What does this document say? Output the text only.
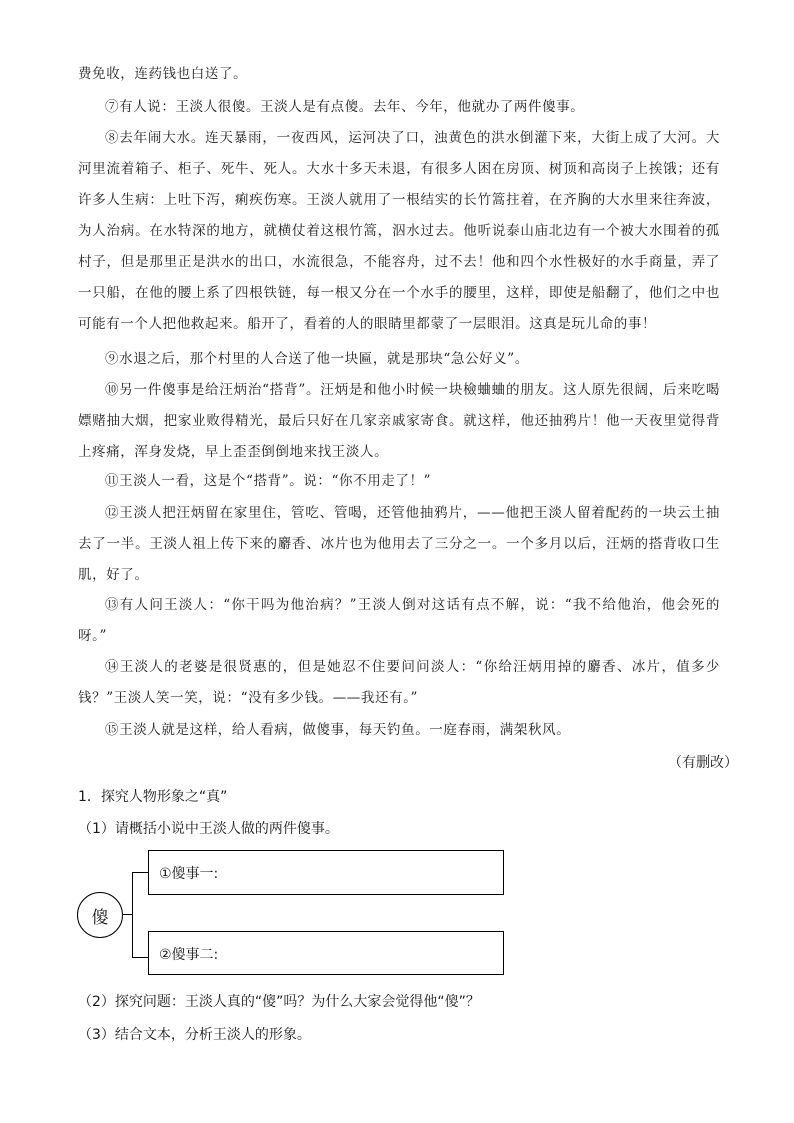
费免收，连药钱也白送了。

⑦有人说：王淡人很傻。王淡人是有点傻。去年、今年，他就办了两件傻事。

⑧去年闹大水。连天暴雨，一夜西风，运河决了口，浊黄色的洪水倒灌下来，大街上成了大河。大河里流着箱子、柜子、死牛、死人。大水十多天未退，有很多人困在房顶、树顶和高岗子上挨饿；还有许多人生病：上吐下泻，痢疾伤寒。王淡人就用了一根结实的长竹篙拄着，在齐胸的大水里来往奔波，为人治病。在水特深的地方，就横仗着这根竹篙，泅水过去。他听说泰山庙北边有一个被大水围着的孤村子，但是那里正是洪水的出口，水流很急，不能容舟，过不去！他和四个水性极好的水手商量，弄了一只船，在他的腰上系了四根铁链，每一根又分在一个水手的腰里，这样，即使是船翻了，他们之中也可能有一个人把他救起来。船开了，看着的人的眼睛里都蒙了一层眼泪。这真是玩儿命的事！

⑨水退之后，那个村里的人合送了他一块匾，就是那块“急公好义”。

⑩另一件傻事是给汪炳治“搭背”。汪炳是和他小时候一块檢蛐蛐的朋友。这人原先很阔，后来吃喝嫖赌抽大烟，把家业败得精光，最后只好在几家亲戚家寄食。就这样，他还抽鸦片！他一天夜里觉得背上疼痛，浑身发烧，早上歪歪倒倒地来找王淡人。

⑪王淡人一看，这是个“搭背”。说：“你不用走了！”

⑫王淡人把汪炳留在家里住，管吃、管喝，还管他抽鸦片，——他把王淡人留着配药的一块云土抽去了一半。王淡人祖上传下来的麝香、冰片也为他用去了三分之一。一个多月以后，汪炳的搭背收口生肌，好了。

⑬有人问王淡人：“你干吗为他治病？”王淡人倒对这话有点不解，说：“我不给他治，他会死的呀。”

⑭王淡人的老婆是很贤惠的，但是她忍不住要问问淡人：“你给汪炳用掉的麝香、冰片，值多少钱？”王淡人笑一笑，说：“没有多少钱。——我还有。”

⑮王淡人就是这样，给人看病，做傻事，每天钓鱼。一庭春雨，满架秋风。

（有删改）

1．探究人物形象之“真”

（1）请概括小说中王淡人做的两件傻事。

傻
①傻事一:
②傻事二:

（2）探究问题：王淡人真的“傻”吗？为什么大家会觉得他“傻”？

（3）结合文本，分析王淡人的形象。
